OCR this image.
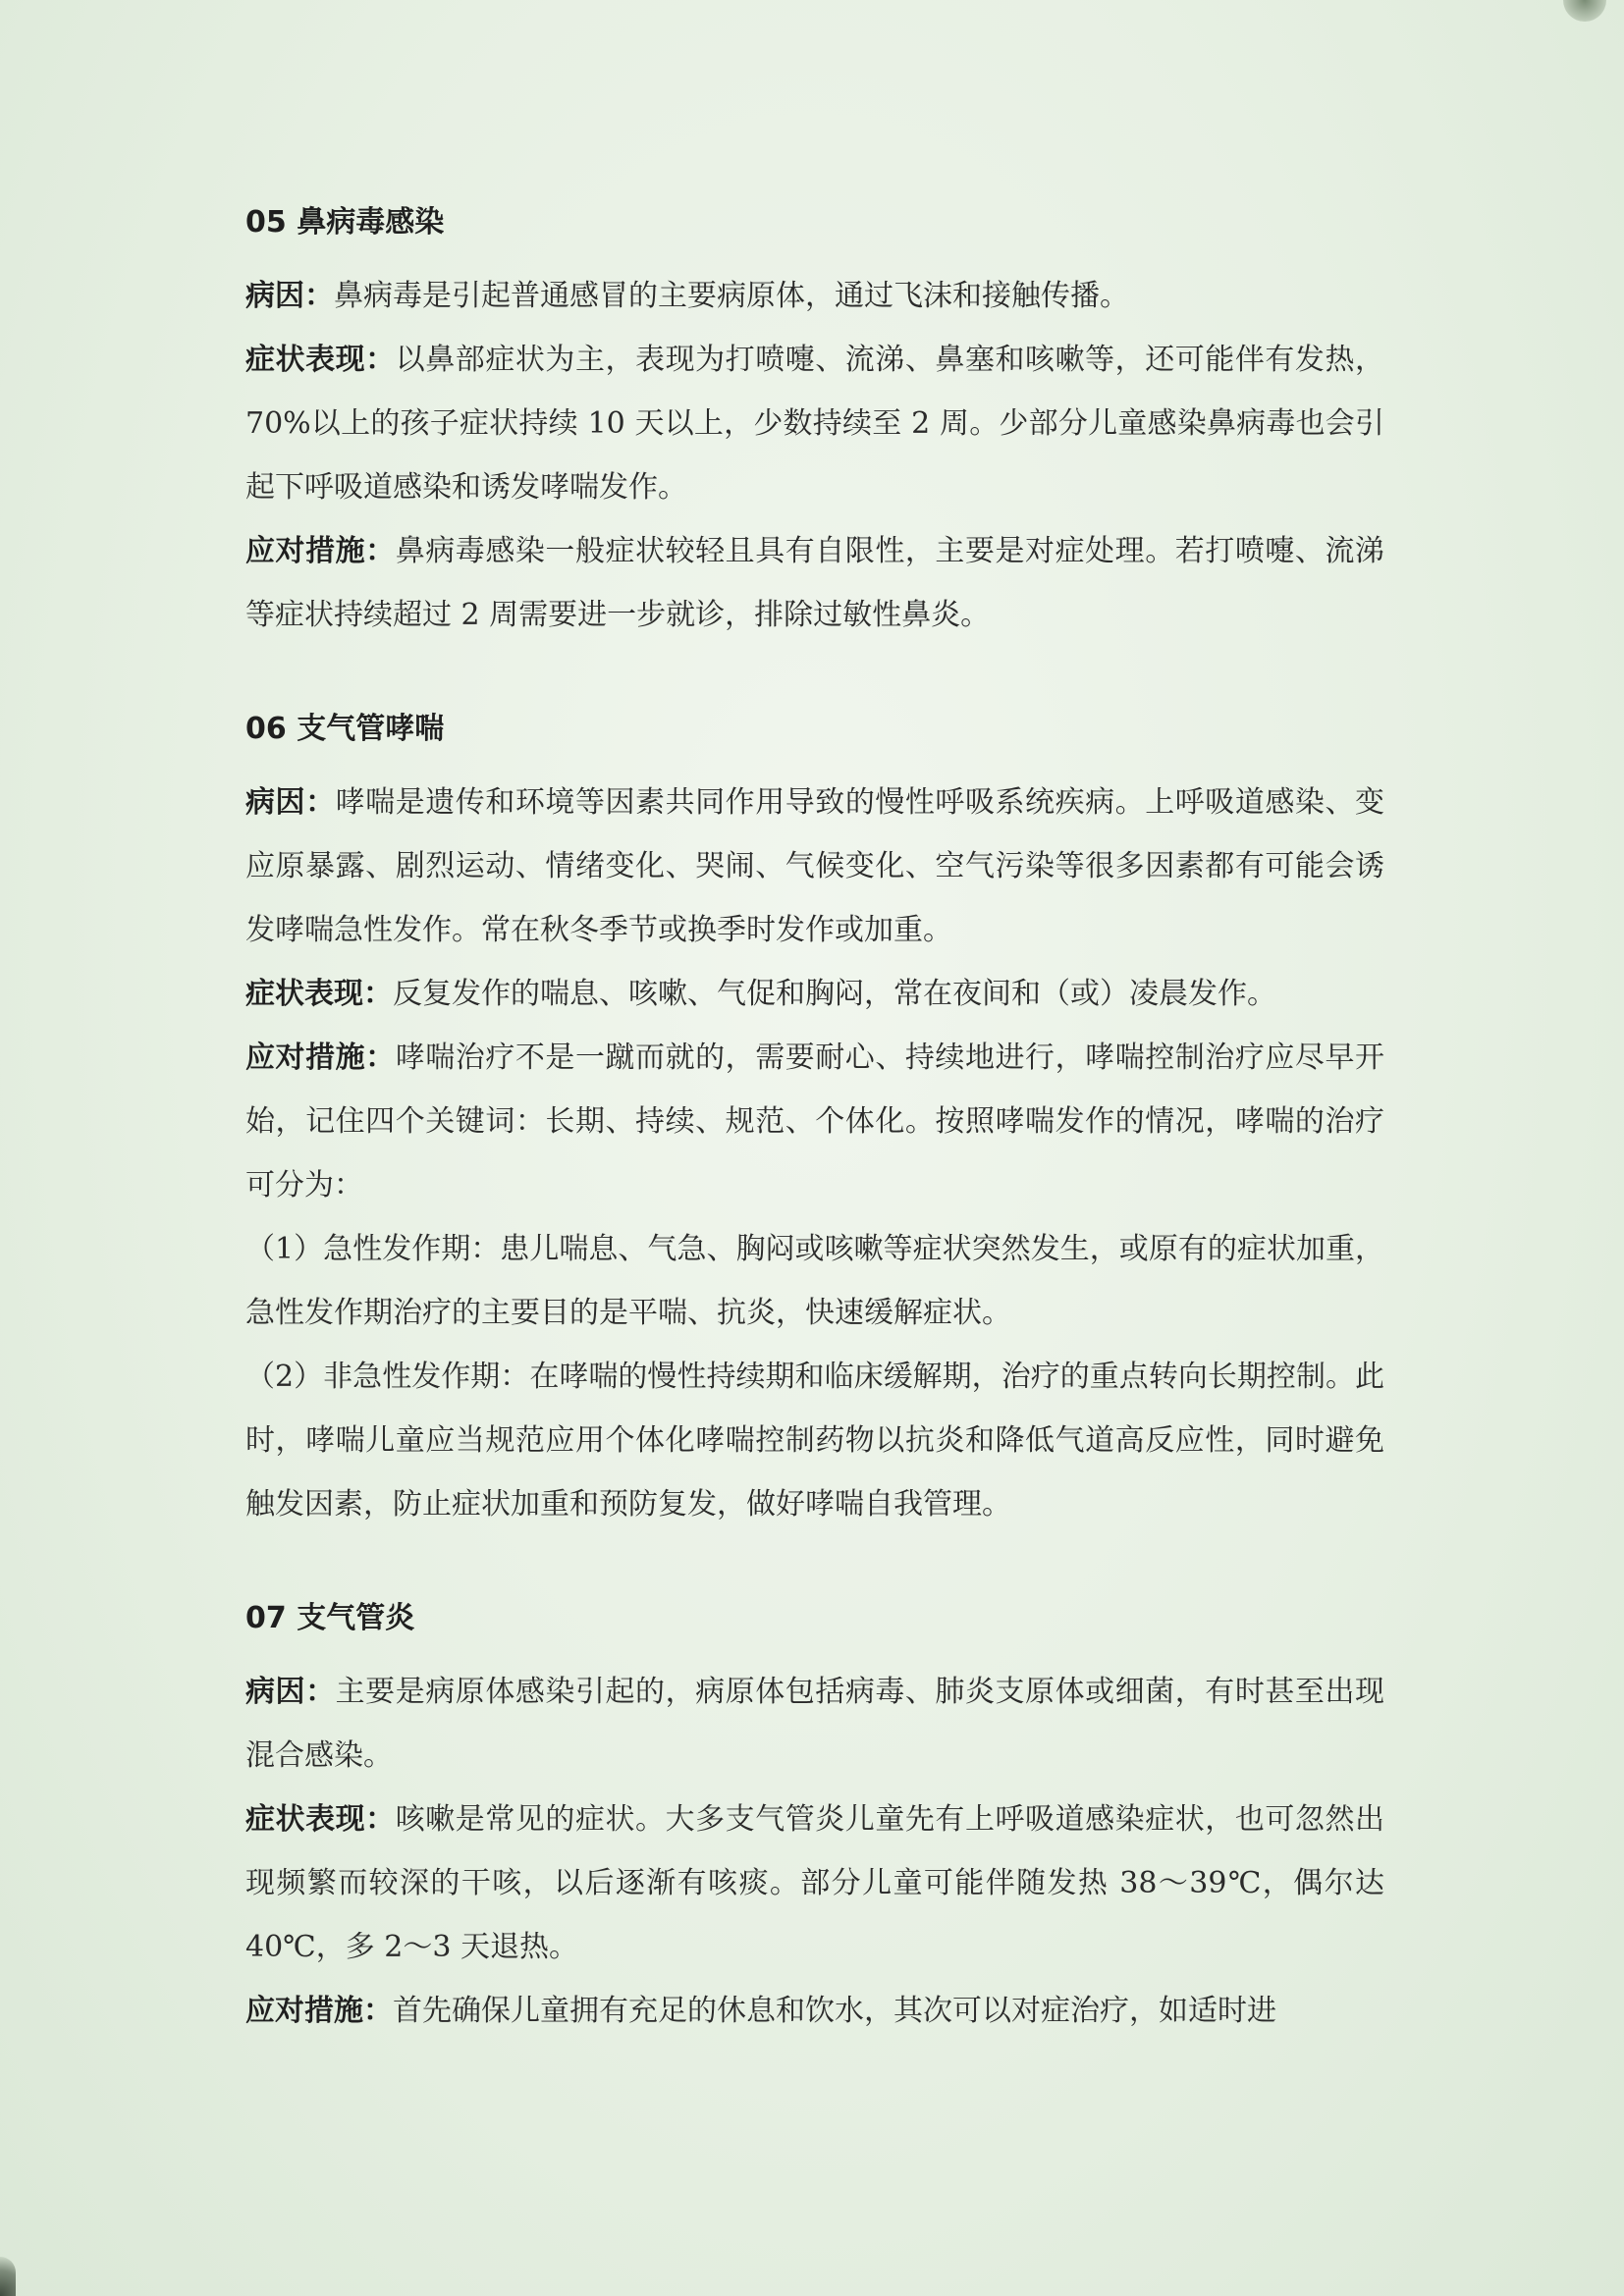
05 鼻病毒感染

病因：鼻病毒是引起普通感冒的主要病原体，通过飞沫和接触传播。

症状表现：以鼻部症状为主，表现为打喷嚏、流涕、鼻塞和咳嗽等，还可能伴有发热，70%以上的孩子症状持续 10 天以上，少数持续至 2 周。少部分儿童感染鼻病毒也会引起下呼吸道感染和诱发哮喘发作。

应对措施：鼻病毒感染一般症状较轻且具有自限性，主要是对症处理。若打喷嚏、流涕等症状持续超过 2 周需要进一步就诊，排除过敏性鼻炎。

06 支气管哮喘

病因：哮喘是遗传和环境等因素共同作用导致的慢性呼吸系统疾病。上呼吸道感染、变应原暴露、剧烈运动、情绪变化、哭闹、气候变化、空气污染等很多因素都有可能会诱发哮喘急性发作。常在秋冬季节或换季时发作或加重。

症状表现：反复发作的喘息、咳嗽、气促和胸闷，常在夜间和（或）凌晨发作。

应对措施：哮喘治疗不是一蹴而就的，需要耐心、持续地进行，哮喘控制治疗应尽早开始，记住四个关键词：长期、持续、规范、个体化。按照哮喘发作的情况，哮喘的治疗可分为：

（1）急性发作期：患儿喘息、气急、胸闷或咳嗽等症状突然发生，或原有的症状加重，急性发作期治疗的主要目的是平喘、抗炎，快速缓解症状。

（2）非急性发作期：在哮喘的慢性持续期和临床缓解期，治疗的重点转向长期控制。此时，哮喘儿童应当规范应用个体化哮喘控制药物以抗炎和降低气道高反应性，同时避免触发因素，防止症状加重和预防复发，做好哮喘自我管理。

07 支气管炎

病因：主要是病原体感染引起的，病原体包括病毒、肺炎支原体或细菌，有时甚至出现混合感染。

症状表现：咳嗽是常见的症状。大多支气管炎儿童先有上呼吸道感染症状，也可忽然出现频繁而较深的干咳，以后逐渐有咳痰。部分儿童可能伴随发热 38～39℃，偶尔达 40℃，多 2～3 天退热。

应对措施：首先确保儿童拥有充足的休息和饮水，其次可以对症治疗，如适时进
